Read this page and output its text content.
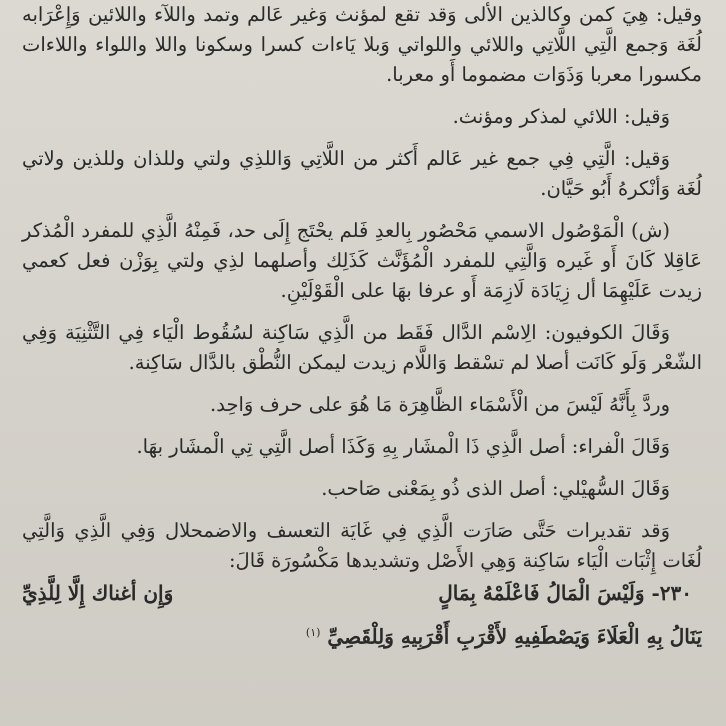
وقيل: هِيَ كمن وكالذين الألى وَقد تقع لمؤنث وَغير عَالم وتمد واللآء واللائين وَإِعْرَابه لُغَة وَجمع الَّتِي اللَّاتِي واللائي واللواتي وَبلا يَاءات كسرا وسكونا واللا واللواء واللاءات مكسورا معربا وَذَوَات مضموما أَو معربا.

وَقيل: اللائي لمذكر ومؤنث.

وَقيل: الَّتِي فِي جمع غير عَالم أَكثر من اللَّاتِي وَاللذِي ولتي وللذان وللذين ولاتي لُغَة وَأنْكرهُ أَبُو حَيَّان.

(ش) الْمَوْصُول الاسمي مَحْصُور بِالعدِ فَلم يحْتَج إِلَى حد، فَمِنْهُ الَّذِي للمفرد الْمُذكر عَاقِلا كَانَ أَو غَيره وَالَّتِي للمفرد الْمُؤَنَّث كَذَلِك وأصلهما لذِي ولتي بِوَزْن فعل كعمي زيدت عَلَيْهِمَا أل زِيَادَة لَازِمَة أَو عرفا بهَا على الْقَوْلَيْنِ.

وَقَالَ الكوفيون: الِاسْم الدَّال فَقَط من الَّذِي سَاكِنة لسُقُوط الْيَاء فِي التَّثْنِيَة وَفِي الشّعْر وَلَو كَانَت أصلا لم تسْقط وَاللَّام زيدت ليمكن النُّطْق بالدَّال سَاكِنة.

وردَّ بِأَنَّهُ لَيْسَ من الْأَسْمَاء الظَّاهِرَة مَا هُوَ على حرف وَاحِد.

وَقَالَ الْفراء: أصل الَّذِي ذَا الْمشَار بِهِ وَكَذَا أصل الَّتِي تِي الْمشَار بهَا.

وَقَالَ السُّهيْلي: أصل الذى ذُو بِمَعْنى صَاحب.

وَقد تقديرات حَتَّى صَارَت الَّذِي فِي غَايَة التعسف والاضمحلال وَفِي الَّذِي وَالَّتِي لُغَات إِثْبَات الْيَاء سَاكِنة وَهِي الأَصْل وتشديدها مَكْسُورَة قَالَ:

٢٣٠- وَلَيْسَ الْمَالُ فَاعْلَمْهُ بِمَالٍ
وَإِن أغناك إِلَّا لِلَّذِيِّ
يَنَالُ بِهِ الْعَلَاءَ وَيَصْطَفِيهِ لأَقْرَبِ أَقْرَبِيهِ وَلِلْقَصِيِّ $^{(١)}$
